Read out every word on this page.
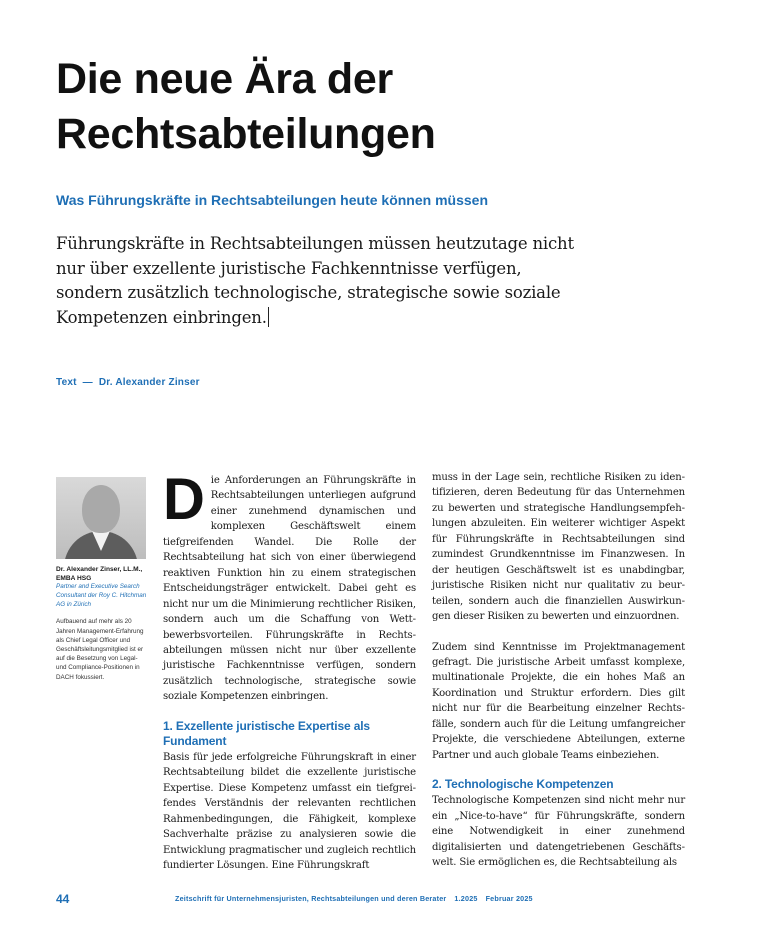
Die neue Ära der
Rechtsabteilungen

Was Führungskräfte in Rechtsabteilungen heute können müssen

Führungskräfte in Rechtsabteilungen müssen heutzutage nicht nur über exzellente juristische Fachkenntnisse verfügen, sondern zusätzlich technologische, strategische sowie soziale Kompetenzen einbringen.

Text — Dr. Alexander Zinser

Dr. Alexander Zinser, LL.M., EMBA HSG

Partner and Executive Search Consultant der Roy C. Hitchman AG in Zürich

Aufbauend auf mehr als 20 Jahren Management-Erfahrung als Chief Legal Officer und Geschäftsleitungsmitglied ist er auf die Besetzung von Legal- und Compliance-Positionen in DACH fokussiert.

Die Anforderungen an Führungskräfte in Rechtsabteilungen unterliegen aufgrund einer zunehmend dynamischen und komplexen Geschäftswelt einem tiefgreifenden Wandel. Die Rolle der Rechtsabteilung hat sich von einer überwiegend reaktiven Funktion hin zu einem strategischen Entscheidungsträger entwickelt. Dabei geht es nicht nur um die Minimierung rechtlicher Risiken, sondern auch um die Schaffung von Wettbewerbsvorteilen. Führungskräfte in Rechtsabteilungen müssen nicht nur über exzellente juristische Fachkenntnisse verfügen, sondern zusätzlich technologische, strategische sowie soziale Kompetenzen einbringen.

1. Exzellente juristische Expertise als Fundament

Basis für jede erfolgreiche Führungskraft in einer Rechtsabteilung bildet die exzellente juristische Expertise. Diese Kompetenz umfasst ein tiefgreifendes Verständnis der relevanten rechtlichen Rahmenbedingungen, die Fähigkeit, komplexe Sachverhalte präzise zu analysieren sowie die Entwicklung pragmatischer und zugleich rechtlich fundierter Lösungen. Eine Führungskraft

muss in der Lage sein, rechtliche Risiken zu identifizieren, deren Bedeutung für das Unternehmen zu bewerten und strategische Handlungsempfehlungen abzuleiten. Ein weiterer wichtiger Aspekt für Führungskräfte in Rechtsabteilungen sind zumindest Grundkenntnisse im Finanzwesen. In der heutigen Geschäftswelt ist es unabdingbar, juristische Risiken nicht nur qualitativ zu beurteilen, sondern auch die finanziellen Auswirkungen dieser Risiken zu bewerten und einzuordnen.

Zudem sind Kenntnisse im Projektmanagement gefragt. Die juristische Arbeit umfasst komplexe, multinationale Projekte, die ein hohes Maß an Koordination und Struktur erfordern. Dies gilt nicht nur für die Bearbeitung einzelner Rechtsfälle, sondern auch für die Leitung umfangreicher Projekte, die verschiedene Abteilungen, externe Partner und auch globale Teams einbeziehen.

2. Technologische Kompetenzen

Technologische Kompetenzen sind nicht mehr nur ein „Nice-to-have“ für Führungskräfte, sondern eine Notwendigkeit in einer zunehmend digitalisierten und datengetriebenen Geschäftswelt. Sie ermöglichen es, die Rechtsabteilung als

44	Zeitschrift für Unternehmensjuristen, Rechtsabteilungen und deren Berater 1.2025 Februar 2025
